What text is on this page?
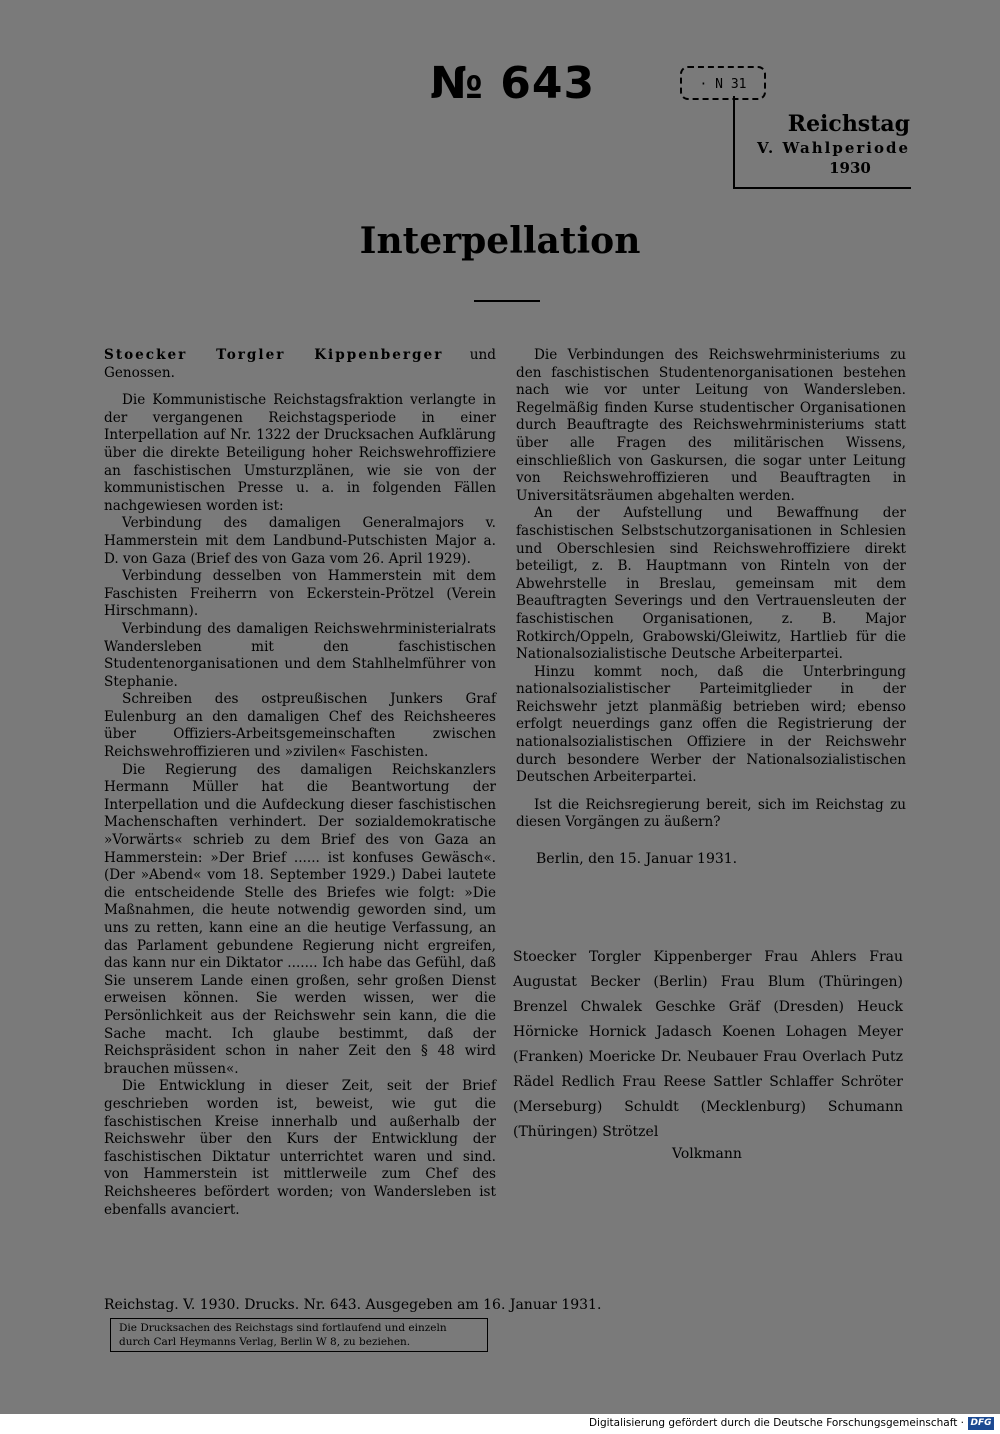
№ 643	· N 31
Reichstag
V. Wahlperiode
1930
Interpellation

Stoecker Torgler Kippenberger und Genossen.

Die Kommunistische Reichstagsfraktion verlangte in der vergangenen Reichstagsperiode in einer Interpellation auf Nr. 1322 der Drucksachen Aufklärung über die direkte Beteiligung hoher Reichswehroffiziere an faschistischen Umsturzplänen, wie sie von der kommunistischen Presse u. a. in folgenden Fällen nachgewiesen worden ist:

Verbindung des damaligen Generalmajors v. Hammerstein mit dem Landbund-Putschisten Major a. D. von Gaza (Brief des von Gaza vom 26. April 1929).

Verbindung desselben von Hammerstein mit dem Faschisten Freiherrn von Eckerstein-Prötzel (Verein Hirschmann).

Verbindung des damaligen Reichswehrministerialrats Wandersleben mit den faschistischen Studentenorganisationen und dem Stahlhelmführer von Stephanie.

Schreiben des ostpreußischen Junkers Graf Eulenburg an den damaligen Chef des Reichsheeres über Offiziers-Arbeitsgemeinschaften zwischen Reichswehroffizieren und »zivilen« Faschisten.

Die Regierung des damaligen Reichskanzlers Hermann Müller hat die Beantwortung der Interpellation und die Aufdeckung dieser faschistischen Machenschaften verhindert. Der sozialdemokratische »Vorwärts« schrieb zu dem Brief des von Gaza an Hammerstein: »Der Brief ...... ist konfuses Gewäsch«. (Der »Abend« vom 18. September 1929.) Dabei lautete die entscheidende Stelle des Briefes wie folgt: »Die Maßnahmen, die heute notwendig geworden sind, um uns zu retten, kann eine an die heutige Verfassung, an das Parlament gebundene Regierung nicht ergreifen, das kann nur ein Diktator ....... Ich habe das Gefühl, daß Sie unserem Lande einen großen, sehr großen Dienst erweisen können. Sie werden wissen, wer die Persönlichkeit aus der Reichswehr sein kann, die die Sache macht. Ich glaube bestimmt, daß der Reichspräsident schon in naher Zeit den § 48 wird brauchen müssen«.

Die Entwicklung in dieser Zeit, seit der Brief geschrieben worden ist, beweist, wie gut die faschistischen Kreise innerhalb und außerhalb der Reichswehr über den Kurs der Entwicklung der faschistischen Diktatur unterrichtet waren und sind. von Hammerstein ist mittlerweile zum Chef des Reichsheeres befördert worden; von Wandersleben ist ebenfalls avanciert.

Die Verbindungen des Reichswehrministeriums zu den faschistischen Studentenorganisationen bestehen nach wie vor unter Leitung von Wandersleben. Regelmäßig finden Kurse studentischer Organisationen durch Beauftragte des Reichswehrministeriums statt über alle Fragen des militärischen Wissens, einschließlich von Gaskursen, die sogar unter Leitung von Reichswehroffizieren und Beauftragten in Universitätsräumen abgehalten werden.

An der Aufstellung und Bewaffnung der faschistischen Selbstschutzorganisationen in Schlesien und Oberschlesien sind Reichswehroffiziere direkt beteiligt, z. B. Hauptmann von Rinteln von der Abwehrstelle in Breslau, gemeinsam mit dem Beauftragten Severings und den Vertrauensleuten der faschistischen Organisationen, z. B. Major Rotkirch/Oppeln, Grabowski/Gleiwitz, Hartlieb für die Nationalsozialistische Deutsche Arbeiterpartei.

Hinzu kommt noch, daß die Unterbringung nationalsozialistischer Parteimitglieder in der Reichswehr jetzt planmäßig betrieben wird; ebenso erfolgt neuerdings ganz offen die Registrierung der nationalsozialistischen Offiziere in der Reichswehr durch besondere Werber der Nationalsozialistischen Deutschen Arbeiterpartei.

Ist die Reichsregierung bereit, sich im Reichstag zu diesen Vorgängen zu äußern?

Berlin, den 15. Januar 1931.
Stoecker Torgler Kippenberger Frau Ahlers Frau Augustat Becker (Berlin) Frau Blum (Thüringen) Brenzel Chwalek Geschke Gräf (Dresden) Heuck Hörnicke Hornick Jadasch Koenen Lohagen Meyer (Franken) Moericke Dr. Neubauer Frau Overlach Putz Rädel Redlich Frau Reese Sattler Schlaffer Schröter (Merseburg) Schuldt (Mecklenburg) Schumann (Thüringen) Strötzel
Volkmann
Reichstag. V. 1930. Drucks. Nr. 643. Ausgegeben am 16. Januar 1931.
Die Drucksachen des Reichstags sind fortlaufend und einzeln durch Carl Heymanns Verlag, Berlin W 8, zu beziehen.
Digitalisierung gefördert durch die Deutsche Forschungsgemeinschaft · DFG
